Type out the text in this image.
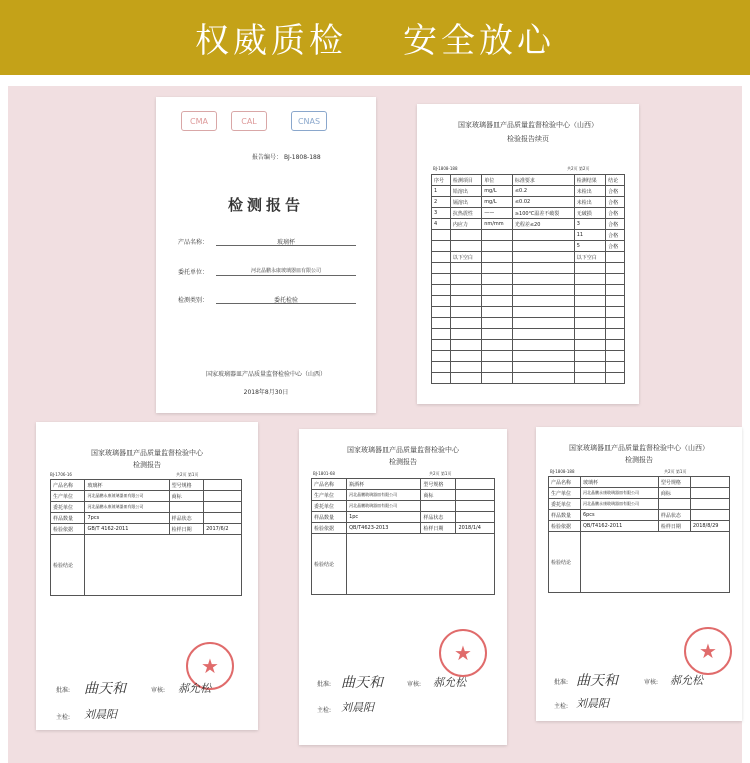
权威质检 安全放心
CMA	CAL	CNAS
报告编号： BJ-1808-188
检测报告
产品名称：	玻璃杯
委托单位：	河北晶鹏永康玻璃器皿有限公司
检测类别：	委托检验
国家玻璃器皿产品质量监督检验中心（山西）
2018年8月30日
国家玻璃器皿产品质量监督检验中心（山西）
检验报告续页
BJ-1808-188	共2页 第2页
序号	检测项目	单位	标准要求	检测结果	结论
1	铅溶出	mg/L	≤0.2	未检出	合格
2	镉溶出	mg/L	≤0.02	未检出	合格
3	抗热震性	——	≥100℃温差不破裂	无破损	合格
4	内应力	nm/mm	光程差≤20	3	合格
				11	合格
				5	合格
	以下空白			以下空白	

国家玻璃器皿产品质量监督检验中心
检测报告
BJ-1706-16	共2页 第1页
产品名称	玻璃杯	型号规格	
生产单位	河北晶鹏永康玻璃器皿有限公司	商标	
委托单位	河北晶鹏永康玻璃器皿有限公司		
样品数量	7pcs	样品状态	
检验依据	GB/T 4162-2011	检样日期	2017/6/2
检验结论			
★
批准: 曲天和	审核: 郝允松
主检: 刘晨阳
国家玻璃器皿产品质量监督检验中心
检测报告
BJ-1801-68	共2页 第1页
产品名称	瓶酒杯	型号规格	
生产单位	河北晶鹏玻璃器皿有限公司	商标	
委托单位	河北晶鹏玻璃器皿有限公司		
样品数量	1pc	样品状态	
检验依据	QB/T4623-2013	检样日期	2018/1/4
检验结论			
★
批准: 曲天和	审核: 郝允松
主检: 刘晨阳
国家玻璃器皿产品质量监督检验中心（山西）
检测报告
BJ-1808-188	共2页 第1页
产品名称	玻璃杯	型号规格	
生产单位	河北晶鹏永康玻璃器皿有限公司	商标	
委托单位	河北晶鹏永康玻璃器皿有限公司		
样品数量	6pcs	样品状态	
检验依据	QB/T4162-2011	检样日期	2018/8/29
检验结论			
★
批准: 曲天和	审核: 郝允松
主检: 刘晨阳
